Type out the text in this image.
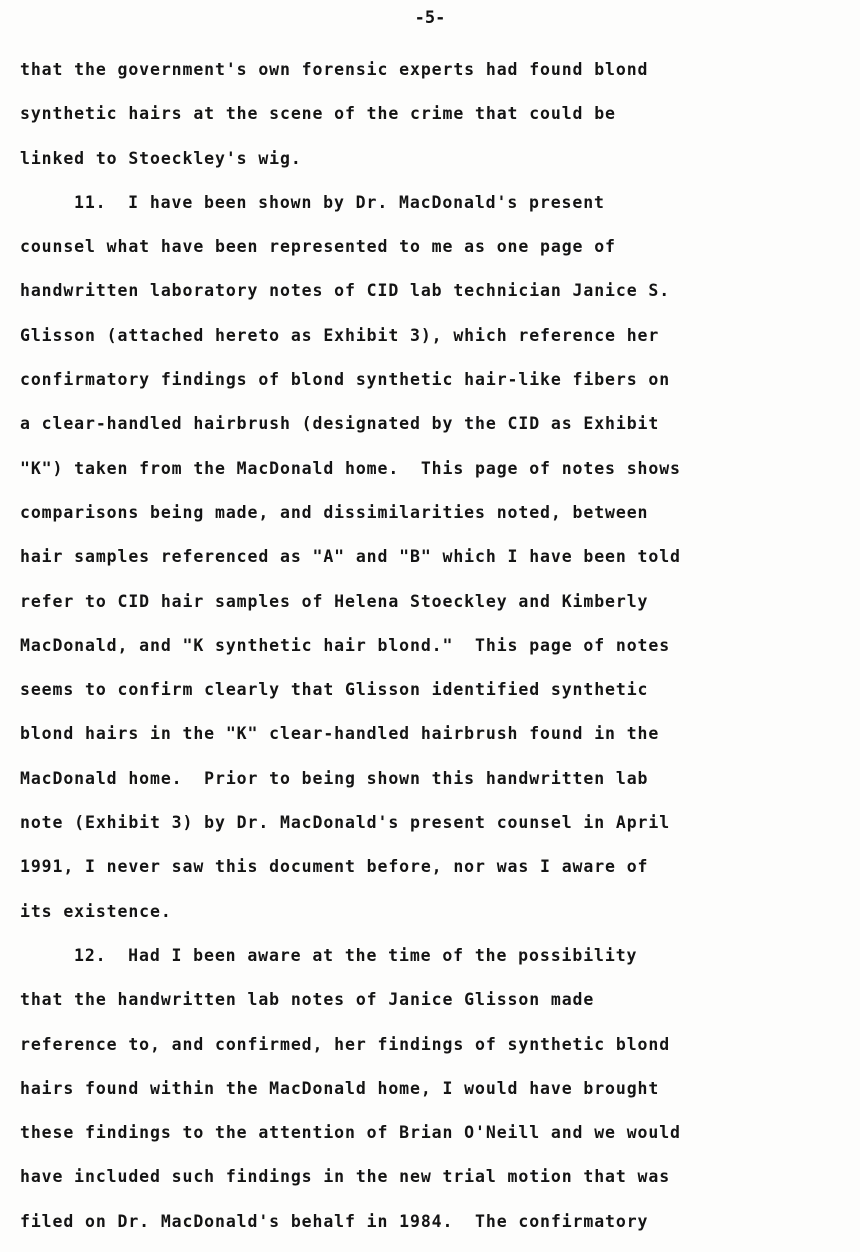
-5-
that the government's own forensic experts had found blond
synthetic hairs at the scene of the crime that could be
linked to Stoeckley's wig.
11.  I have been shown by Dr. MacDonald's present
counsel what have been represented to me as one page of
handwritten laboratory notes of CID lab technician Janice S.
Glisson (attached hereto as Exhibit 3), which reference her
confirmatory findings of blond synthetic hair-like fibers on
a clear-handled hairbrush (designated by the CID as Exhibit
"K") taken from the MacDonald home.  This page of notes shows
comparisons being made, and dissimilarities noted, between
hair samples referenced as "A" and "B" which I have been told
refer to CID hair samples of Helena Stoeckley and Kimberly
MacDonald, and "K synthetic hair blond."  This page of notes
seems to confirm clearly that Glisson identified synthetic
blond hairs in the "K" clear-handled hairbrush found in the
MacDonald home.  Prior to being shown this handwritten lab
note (Exhibit 3) by Dr. MacDonald's present counsel in April
1991, I never saw this document before, nor was I aware of
its existence.
12.  Had I been aware at the time of the possibility
that the handwritten lab notes of Janice Glisson made
reference to, and confirmed, her findings of synthetic blond
hairs found within the MacDonald home, I would have brought
these findings to the attention of Brian O'Neill and we would
have included such findings in the new trial motion that was
filed on Dr. MacDonald's behalf in 1984.  The confirmatory
